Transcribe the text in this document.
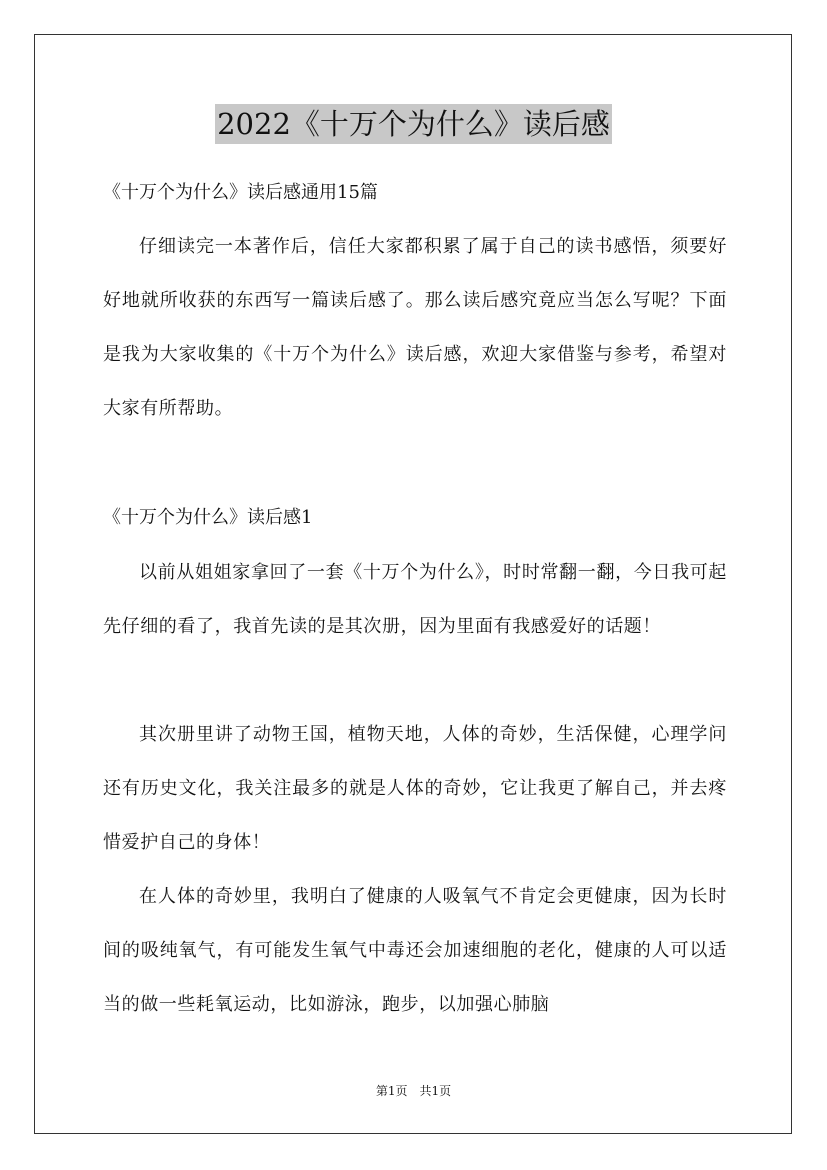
2022《十万个为什么》读后感
《十万个为什么》读后感通用15篇

仔细读完一本著作后，信任大家都积累了属于自己的读书感悟，须要好好地就所收获的东西写一篇读后感了。那么读后感究竟应当怎么写呢？下面是我为大家收集的《十万个为什么》读后感，欢迎大家借鉴与参考，希望对大家有所帮助。

《十万个为什么》读后感1

以前从姐姐家拿回了一套《十万个为什么》，时时常翻一翻，今日我可起先仔细的看了，我首先读的是其次册，因为里面有我感爱好的话题！

其次册里讲了动物王国，植物天地，人体的奇妙，生活保健，心理学问还有历史文化，我关注最多的就是人体的奇妙，它让我更了解自己，并去疼惜爱护自己的身体！

在人体的奇妙里，我明白了健康的人吸氧气不肯定会更健康，因为长时间的吸纯氧气，有可能发生氧气中毒还会加速细胞的老化，健康的人可以适当的做一些耗氧运动，比如游泳，跑步，以加强心肺脑

第1页　共1页
